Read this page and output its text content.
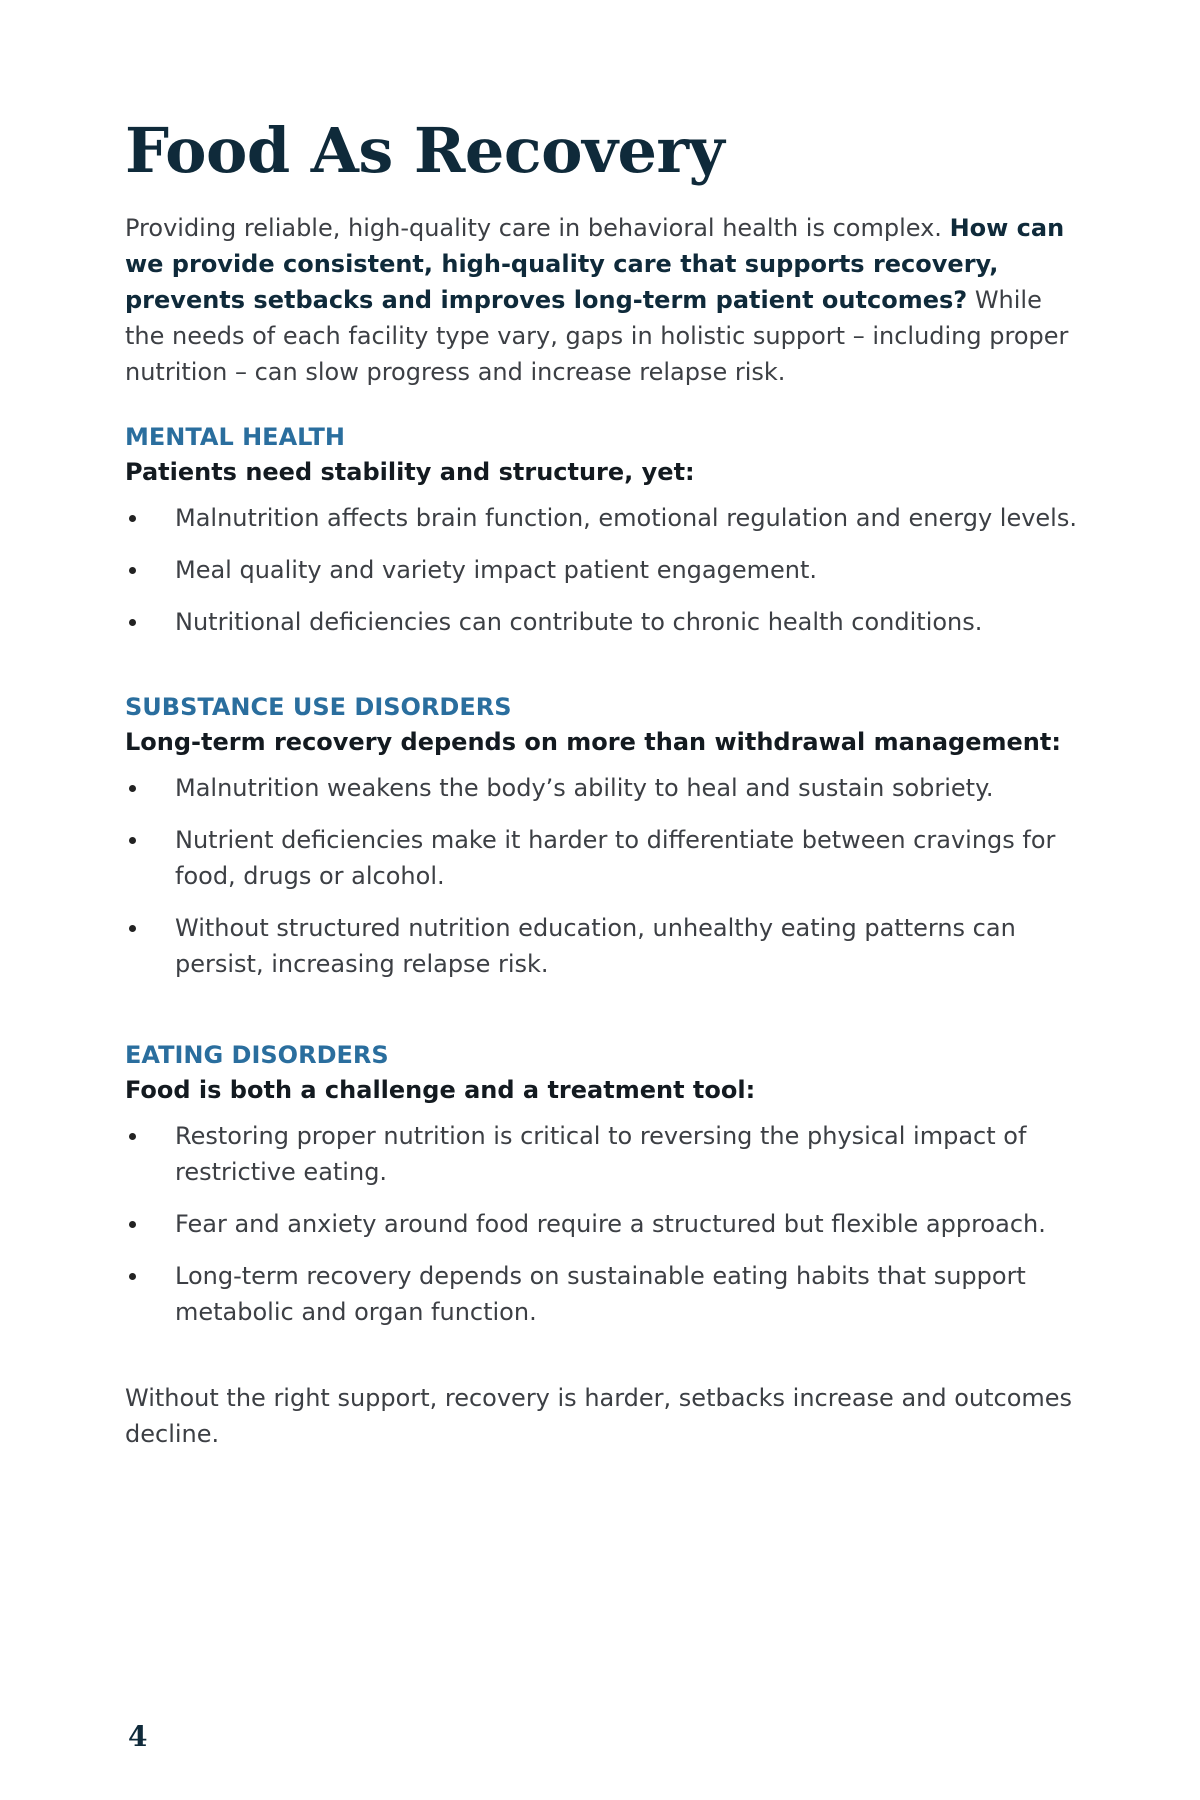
Food As Recovery

Providing reliable, high-quality care in behavioral health is complex. How can we provide consistent, high-quality care that supports recovery, prevents setbacks and improves long-term patient outcomes? While the needs of each facility type vary, gaps in holistic support – including proper nutrition – can slow progress and increase relapse risk.

MENTAL HEALTH

Patients need stability and structure, yet:

Malnutrition affects brain function, emotional regulation and energy levels.
Meal quality and variety impact patient engagement.
Nutritional deficiencies can contribute to chronic health conditions.
SUBSTANCE USE DISORDERS

Long-term recovery depends on more than withdrawal management:

Malnutrition weakens the body’s ability to heal and sustain sobriety.
Nutrient deficiencies make it harder to differentiate between cravings for food, drugs or alcohol.
Without structured nutrition education, unhealthy eating patterns can persist, increasing relapse risk.
EATING DISORDERS

Food is both a challenge and a treatment tool:

Restoring proper nutrition is critical to reversing the physical impact of restrictive eating.
Fear and anxiety around food require a structured but flexible approach.
Long-term recovery depends on sustainable eating habits that support metabolic and organ function.

Without the right support, recovery is harder, setbacks increase and outcomes decline.

4
